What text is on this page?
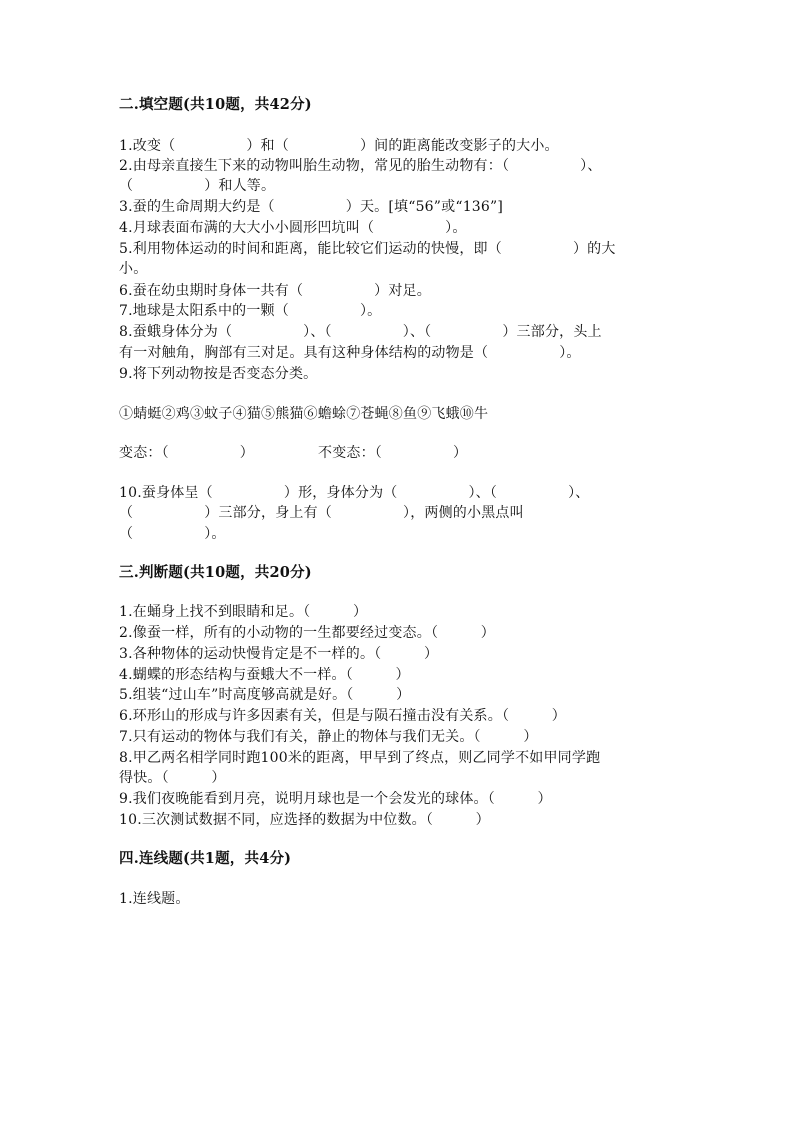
二.填空题(共10题，共42分)
1.改变（　　　　　）和（　　　　　）间的距离能改变影子的大小。
2.由母亲直接生下来的动物叫胎生动物，常见的胎生动物有：（　　　　　）、
（　　　　　）和人等。
3.蚕的生命周期大约是（　　　　　）天。[填“56”或“136”]
4.月球表面布满的大大小小圆形凹坑叫（　　　　　）。
5.利用物体运动的时间和距离，能比较它们运动的快慢，即（　　　　　）的大
小。
6.蚕在幼虫期时身体一共有（　　　　　）对足。
7.地球是太阳系中的一颗（　　　　　）。
8.蚕蛾身体分为（　　　　　）、（　　　　　）、（　　　　　）三部分，头上
有一对触角，胸部有三对足。具有这种身体结构的动物是（　　　　　）。
9.将下列动物按是否变态分类。
①蜻蜓②鸡③蚊子④猫⑤熊猫⑥蟾蜍⑦苍蝇⑧鱼⑨飞蛾⑩牛
变态：（　　　　　）　　　　　不变态：（　　　　　）
10.蚕身体呈（　　　　　）形，身体分为（　　　　　）、（　　　　　）、
（　　　　　）三部分，身上有（　　　　　），两侧的小黑点叫
（　　　　　）。
三.判断题(共10题，共20分)
1.在蛹身上找不到眼睛和足。（　　　）
2.像蚕一样，所有的小动物的一生都要经过变态。（　　　）
3.各种物体的运动快慢肯定是不一样的。（　　　）
4.蝴蝶的形态结构与蚕蛾大不一样。（　　　）
5.组装“过山车”时高度够高就是好。（　　　）
6.环形山的形成与许多因素有关，但是与陨石撞击没有关系。（　　　）
7.只有运动的物体与我们有关，静止的物体与我们无关。（　　　）
8.甲乙两名相学同时跑100米的距离，甲早到了终点，则乙同学不如甲同学跑
得快。（　　　）
9.我们夜晚能看到月亮，说明月球也是一个会发光的球体。（　　　）
10.三次测试数据不同，应选择的数据为中位数。（　　　）
四.连线题(共1题，共4分)
1.连线题。
